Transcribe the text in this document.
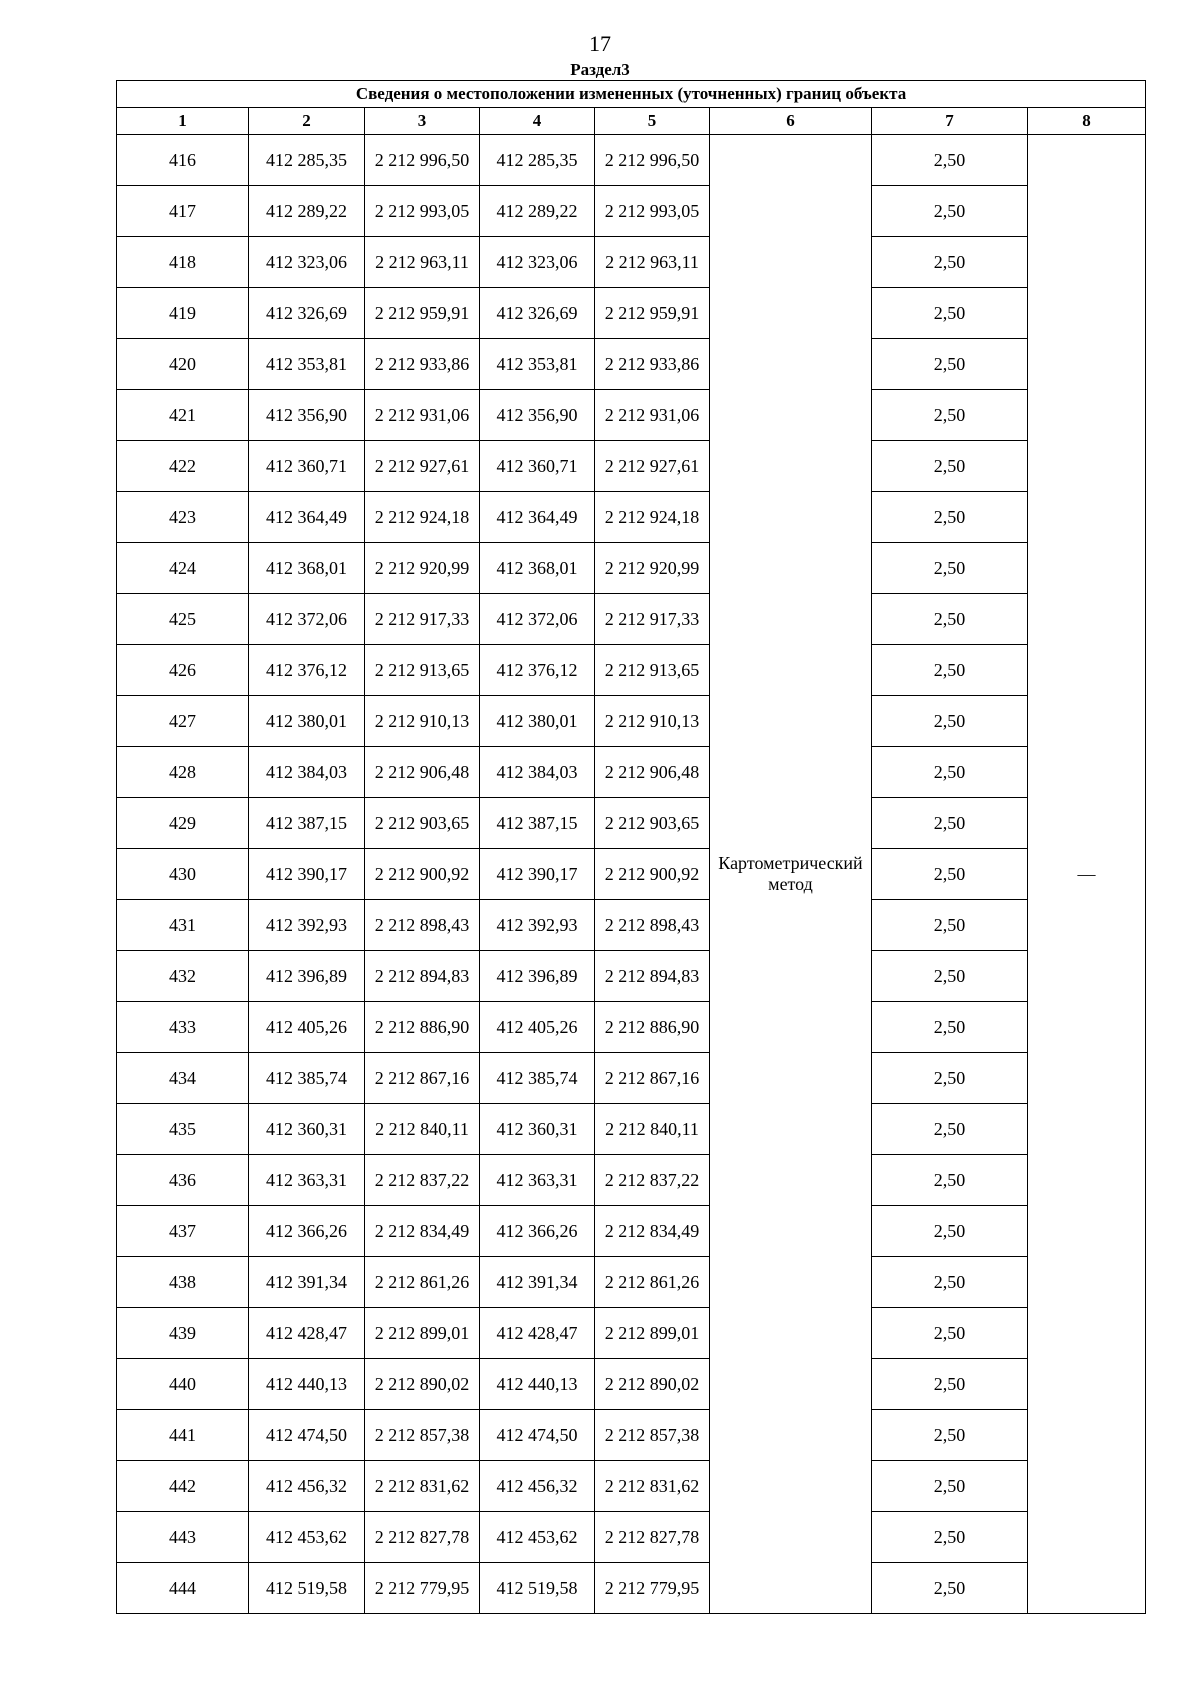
17
Раздел3
Сведения о местоположении измененных (уточненных) границ объекта							
1	2	3	4	5	6	7	8
416	412 285,35	2 212 996,50	412 285,35	2 212 996,50	Картометрический метод	2,50	—
417	412 289,22	2 212 993,05	412 289,22	2 212 993,05		2,50	
418	412 323,06	2 212 963,11	412 323,06	2 212 963,11		2,50	
419	412 326,69	2 212 959,91	412 326,69	2 212 959,91		2,50	
420	412 353,81	2 212 933,86	412 353,81	2 212 933,86		2,50	
421	412 356,90	2 212 931,06	412 356,90	2 212 931,06		2,50	
422	412 360,71	2 212 927,61	412 360,71	2 212 927,61		2,50	
423	412 364,49	2 212 924,18	412 364,49	2 212 924,18		2,50	
424	412 368,01	2 212 920,99	412 368,01	2 212 920,99		2,50	
425	412 372,06	2 212 917,33	412 372,06	2 212 917,33		2,50	
426	412 376,12	2 212 913,65	412 376,12	2 212 913,65		2,50	
427	412 380,01	2 212 910,13	412 380,01	2 212 910,13		2,50	
428	412 384,03	2 212 906,48	412 384,03	2 212 906,48		2,50	
429	412 387,15	2 212 903,65	412 387,15	2 212 903,65		2,50	
430	412 390,17	2 212 900,92	412 390,17	2 212 900,92		2,50	
431	412 392,93	2 212 898,43	412 392,93	2 212 898,43		2,50	
432	412 396,89	2 212 894,83	412 396,89	2 212 894,83		2,50	
433	412 405,26	2 212 886,90	412 405,26	2 212 886,90		2,50	
434	412 385,74	2 212 867,16	412 385,74	2 212 867,16		2,50	
435	412 360,31	2 212 840,11	412 360,31	2 212 840,11		2,50	
436	412 363,31	2 212 837,22	412 363,31	2 212 837,22		2,50	
437	412 366,26	2 212 834,49	412 366,26	2 212 834,49		2,50	
438	412 391,34	2 212 861,26	412 391,34	2 212 861,26		2,50	
439	412 428,47	2 212 899,01	412 428,47	2 212 899,01		2,50	
440	412 440,13	2 212 890,02	412 440,13	2 212 890,02		2,50	
441	412 474,50	2 212 857,38	412 474,50	2 212 857,38		2,50	
442	412 456,32	2 212 831,62	412 456,32	2 212 831,62		2,50	
443	412 453,62	2 212 827,78	412 453,62	2 212 827,78		2,50	
444	412 519,58	2 212 779,95	412 519,58	2 212 779,95		2,50	
